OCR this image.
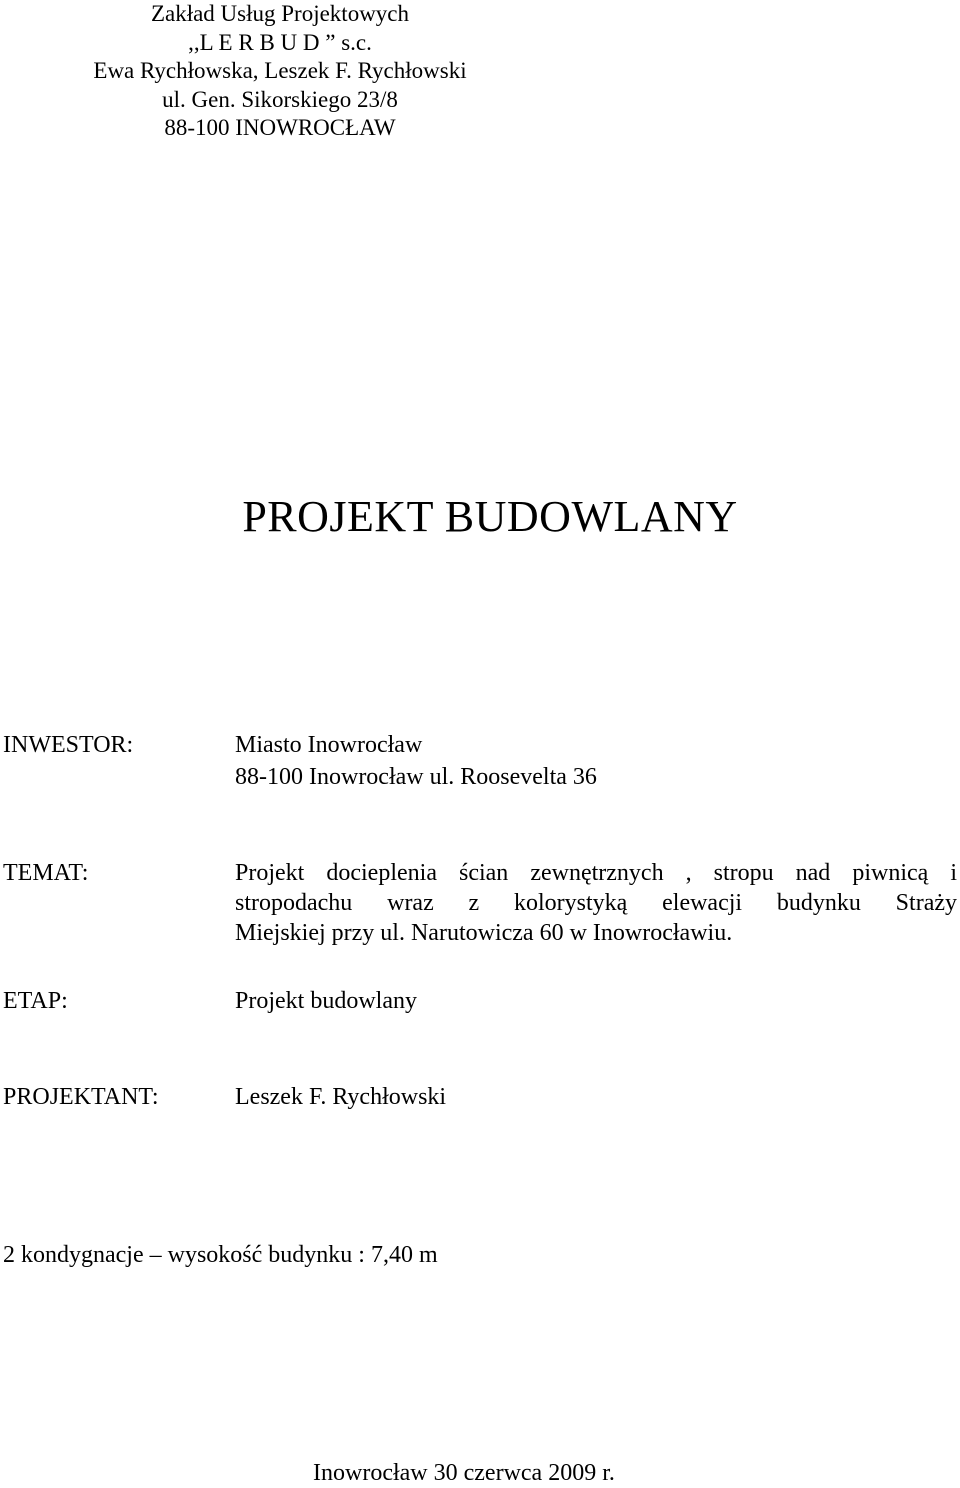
Zakład Usług Projektowych
,,L E R B U D ” s.c.
Ewa Rychłowska, Leszek F. Rychłowski
ul. Gen. Sikorskiego 23/8
88-100 INOWROCŁAW
PROJEKT BUDOWLANY
INWESTOR:	Miasto Inowrocław
88-100 Inowrocław ul. Roosevelta 36
TEMAT:	Projekt docieplenia ścian zewnętrznych , stropu nad piwnicą i
stropodachu wraz z kolorystyką elewacji budynku Straży
Miejskiej przy ul. Narutowicza 60 w Inowrocławiu.
ETAP:	Projekt budowlany
PROJEKTANT:	Leszek F. Rychłowski
2 kondygnacje – wysokość budynku : 7,40 m
Inowrocław 30 czerwca 2009 r.
